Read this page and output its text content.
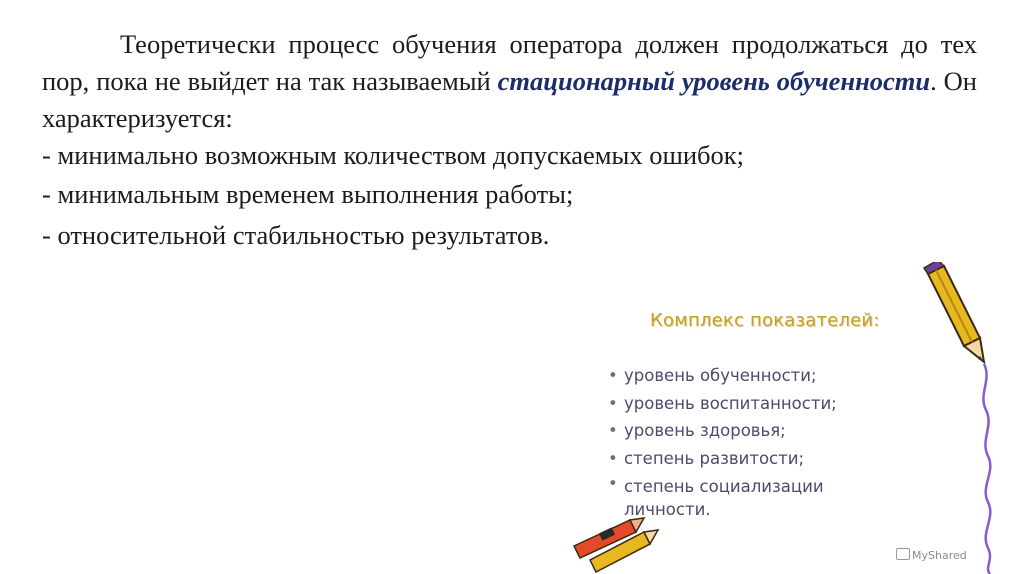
Теоретически процесс обучения оператора должен продолжаться до тех пор, пока не выйдет на так называемый стационарный уровень обученности. Он характеризуется:

- минимально возможным количеством допускаемых ошибок;

- минимальным временем выполнения работы;

- относительной стабильностью результатов.

Комплекс показателей:
• уровень обученности;
• уровень воспитанности;
• уровень здоровья;
• степень развитости;
• степень социализации
личности.
MyShared
